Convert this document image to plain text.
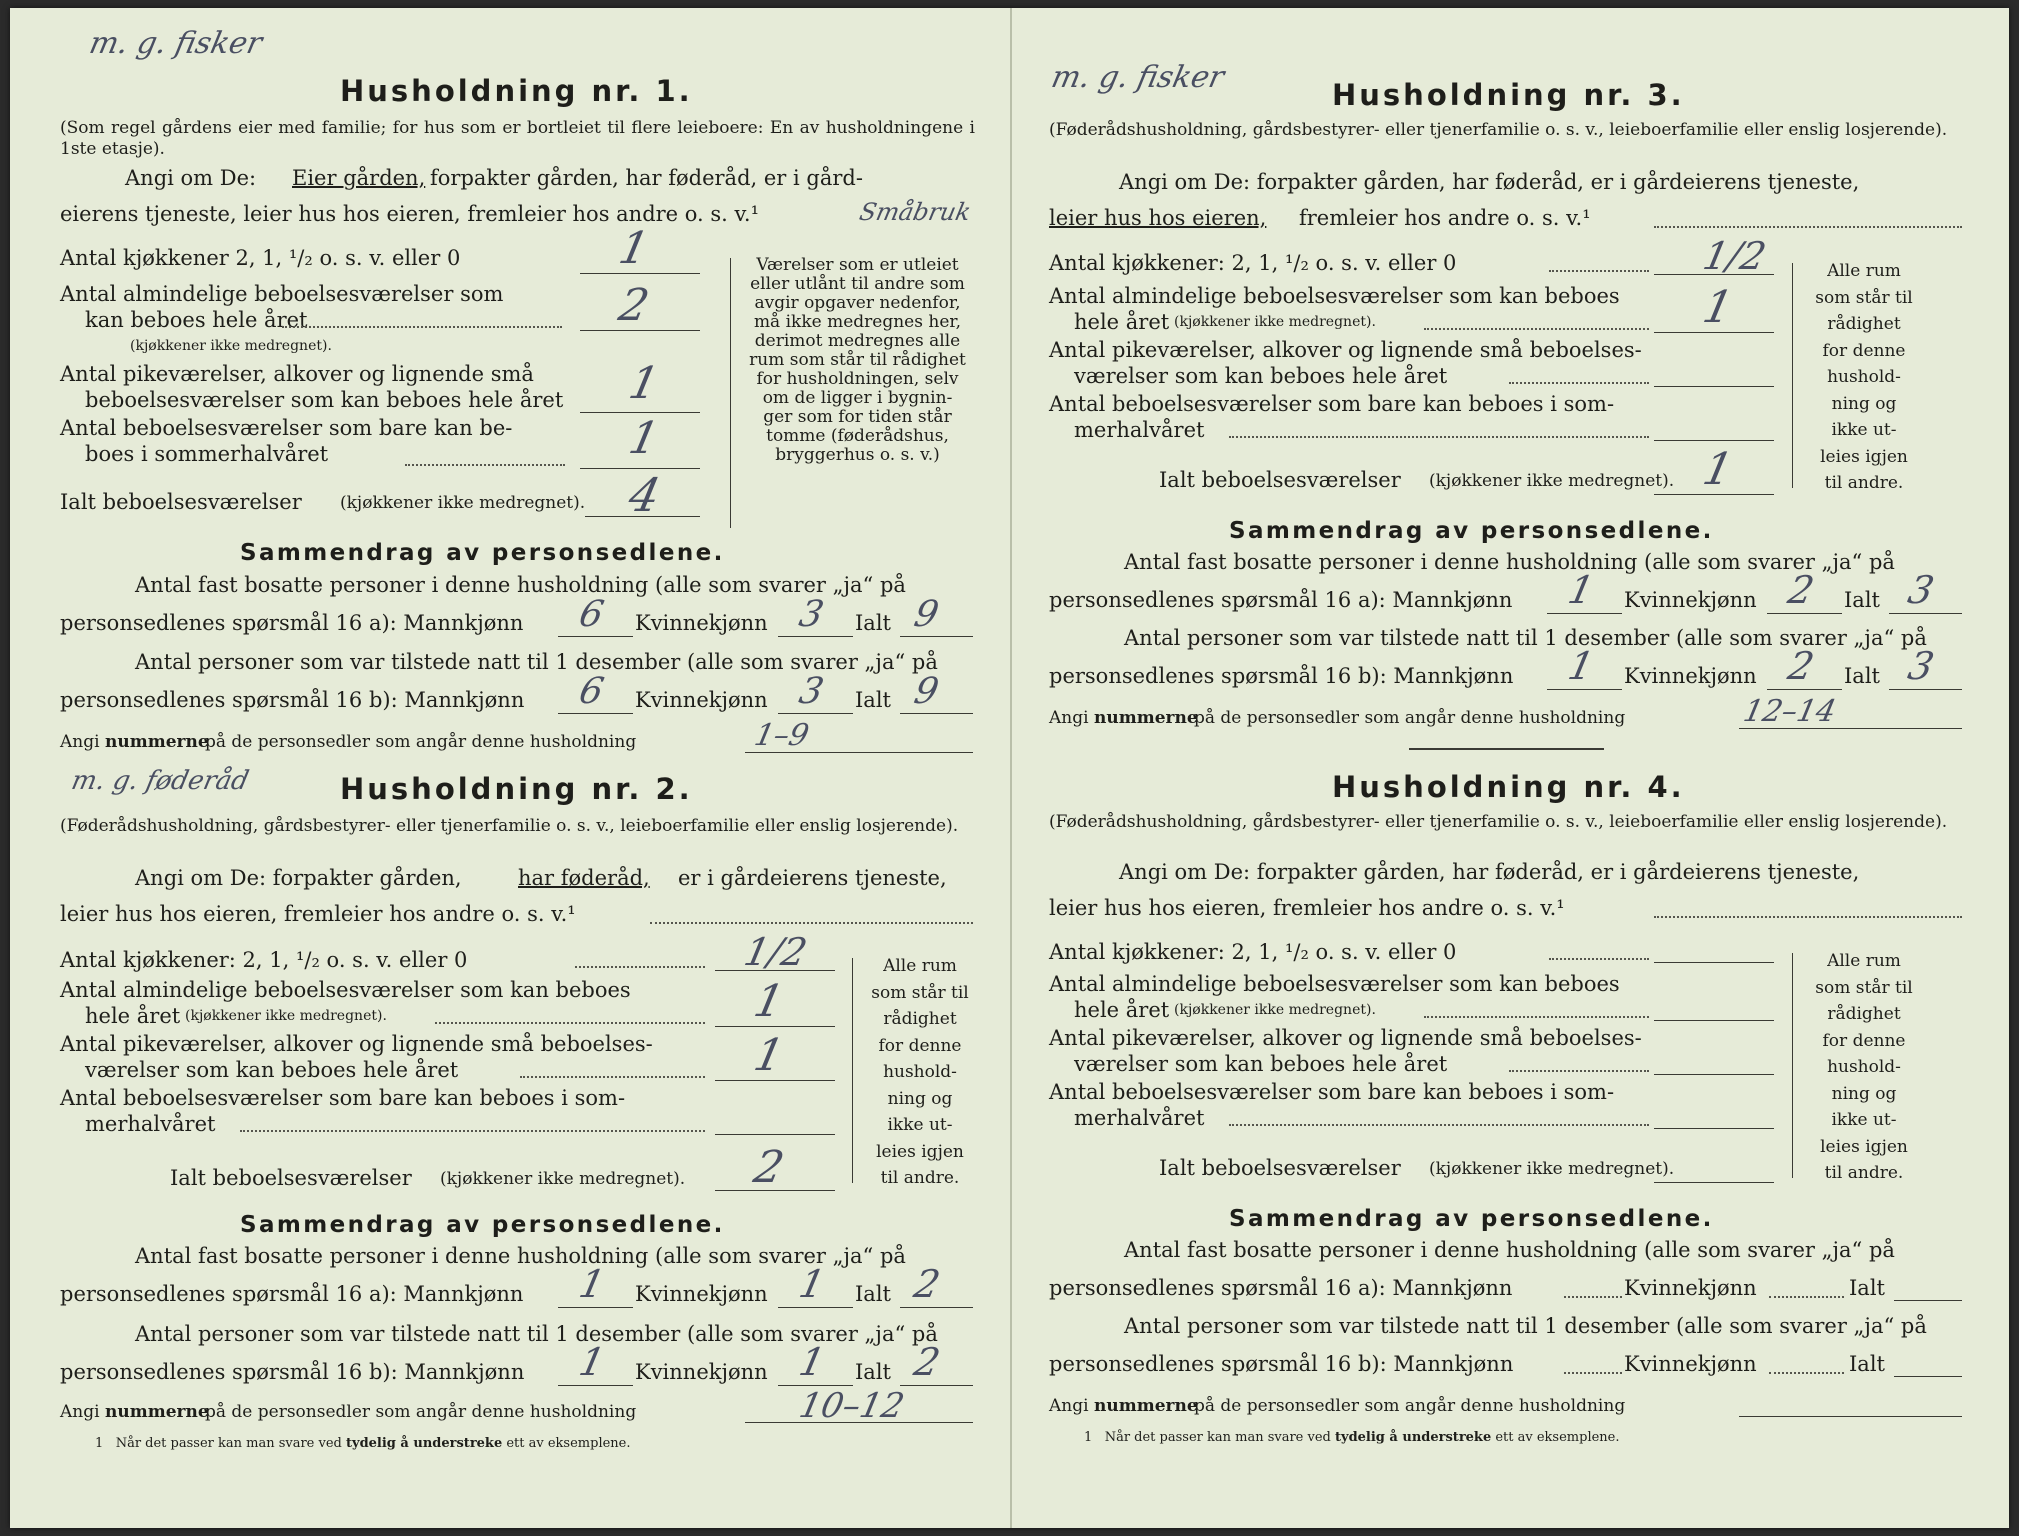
m. g. fisker
Husholdning nr. 1.
(Som regel gårdens eier med familie; for hus som er bortleiet til flere leieboere: En av husholdningene i 1ste etasje).
Angi om De: Eier gården, forpakter gården, har føderåd, er i gård-
eierens tjeneste, leier hus hos eieren, fremleier hos andre o. s. v.¹	Småbruk
Antal kjøkkener 2, 1, ¹/₂ o. s. v. eller 0	1
Antal almindelige beboelsesværelser som
kan beboes hele året
(kjøkkener ikke medregnet).
2
Antal pikeværelser, alkover og lignende små
beboelsesværelser som kan beboes hele året 1
Antal beboelsesværelser som bare kan be-
boes i sommerhalvåret	1
Ialt beboelsesværelser (kjøkkener ikke medregnet). 4
Værelser som er utleiet
eller utlånt til andre som
avgir opgaver nedenfor,
må ikke medregnes her,
derimot medregnes alle
rum som står til rådighet
for husholdningen, selv
om de ligger i bygnin-
ger som for tiden står
tomme (føderådshus,
bryggerhus o. s. v.)
Sammendrag av personsedlene.
Antal fast bosatte personer i denne husholdning (alle som svarer „ja“ på
personsedlenes spørsmål 16 a): Mannkjønn 6 Kvinnekjønn 3 Ialt 9
Antal personer som var tilstede natt til 1 desember (alle som svarer „ja“ på
personsedlenes spørsmål 16 b): Mannkjønn 6 Kvinnekjønn 3 Ialt 9
Angi nummerne
på de personsedler som angår denne husholdning	1–9
m. g. føderåd	Husholdning nr. 2.
(Føderådshusholdning, gårdsbestyrer- eller tjenerfamilie o. s. v., leieboerfamilie eller enslig losjerende).
Angi om De: forpakter gården,	har føderåd, er i gårdeierens tjeneste,
leier hus hos eieren, fremleier hos andre o. s. v.¹
Antal kjøkkener: 2, 1, ¹/₂ o. s. v. eller 0	1/2
Antal almindelige beboelsesværelser som kan beboes
hele året (kjøkkener ikke medregnet).	1
Antal pikeværelser, alkover og lignende små beboelses-
værelser som kan beboes hele året	1
Antal beboelsesværelser som bare kan beboes i som-
merhalvåret
Ialt beboelsesværelser (kjøkkener ikke medregnet). 2
Alle rum
som står til
rådighet
for denne
hushold-
ning og
ikke ut-
leies igjen
til andre.
Sammendrag av personsedlene.
Antal fast bosatte personer i denne husholdning (alle som svarer „ja“ på
personsedlenes spørsmål 16 a): Mannkjønn 1 Kvinnekjønn 1 Ialt 2
Antal personer som var tilstede natt til 1 desember (alle som svarer „ja“ på
personsedlenes spørsmål 16 b): Mannkjønn 1 Kvinnekjønn 1 Ialt 2
Angi nummerne
på de personsedler som angår denne husholdning	10–12
1 Når det passer kan man svare ved tydelig å understreke ett av eksemplene.
m. g. fisker	Husholdning nr. 3.
(Føderådshusholdning, gårdsbestyrer- eller tjenerfamilie o. s. v., leieboerfamilie eller enslig losjerende).
Angi om De: forpakter gården, har føderåd, er i gårdeierens tjeneste,
leier hus hos eieren, fremleier hos andre o. s. v.¹
Antal kjøkkener: 2, 1, ¹/₂ o. s. v. eller 0	1/2
Antal almindelige beboelsesværelser som kan beboes
hele året (kjøkkener ikke medregnet).	1
Antal pikeværelser, alkover og lignende små beboelses-
værelser som kan beboes hele året
Antal beboelsesværelser som bare kan beboes i som-
merhalvåret
Ialt beboelsesværelser (kjøkkener ikke medregnet). 1
Alle rum
som står til
rådighet
for denne
hushold-
ning og
ikke ut-
leies igjen
til andre.
Sammendrag av personsedlene.
Antal fast bosatte personer i denne husholdning (alle som svarer „ja“ på
personsedlenes spørsmål 16 a): Mannkjønn 1 Kvinnekjønn 2 Ialt 3
Antal personer som var tilstede natt til 1 desember (alle som svarer „ja“ på
personsedlenes spørsmål 16 b): Mannkjønn 1 Kvinnekjønn 2 Ialt 3
Angi nummerne
på de personsedler som angår denne husholdning	12–14
Husholdning nr. 4.
(Føderådshusholdning, gårdsbestyrer- eller tjenerfamilie o. s. v., leieboerfamilie eller enslig losjerende).
Angi om De: forpakter gården, har føderåd, er i gårdeierens tjeneste,
leier hus hos eieren, fremleier hos andre o. s. v.¹
Antal kjøkkener: 2, 1, ¹/₂ o. s. v. eller 0
Antal almindelige beboelsesværelser som kan beboes
hele året (kjøkkener ikke medregnet).
Antal pikeværelser, alkover og lignende små beboelses-
værelser som kan beboes hele året
Antal beboelsesværelser som bare kan beboes i som-
merhalvåret
Ialt beboelsesværelser (kjøkkener ikke medregnet).
Alle rum
som står til
rådighet
for denne
hushold-
ning og
ikke ut-
leies igjen
til andre.
Sammendrag av personsedlene.
Antal fast bosatte personer i denne husholdning (alle som svarer „ja“ på
personsedlenes spørsmål 16 a): Mannkjønn	Kvinnekjønn	Ialt
Antal personer som var tilstede natt til 1 desember (alle som svarer „ja“ på
personsedlenes spørsmål 16 b): Mannkjønn	Kvinnekjønn	Ialt
Angi nummerne
på de personsedler som angår denne husholdning
1 Når det passer kan man svare ved tydelig å understreke ett av eksemplene.
